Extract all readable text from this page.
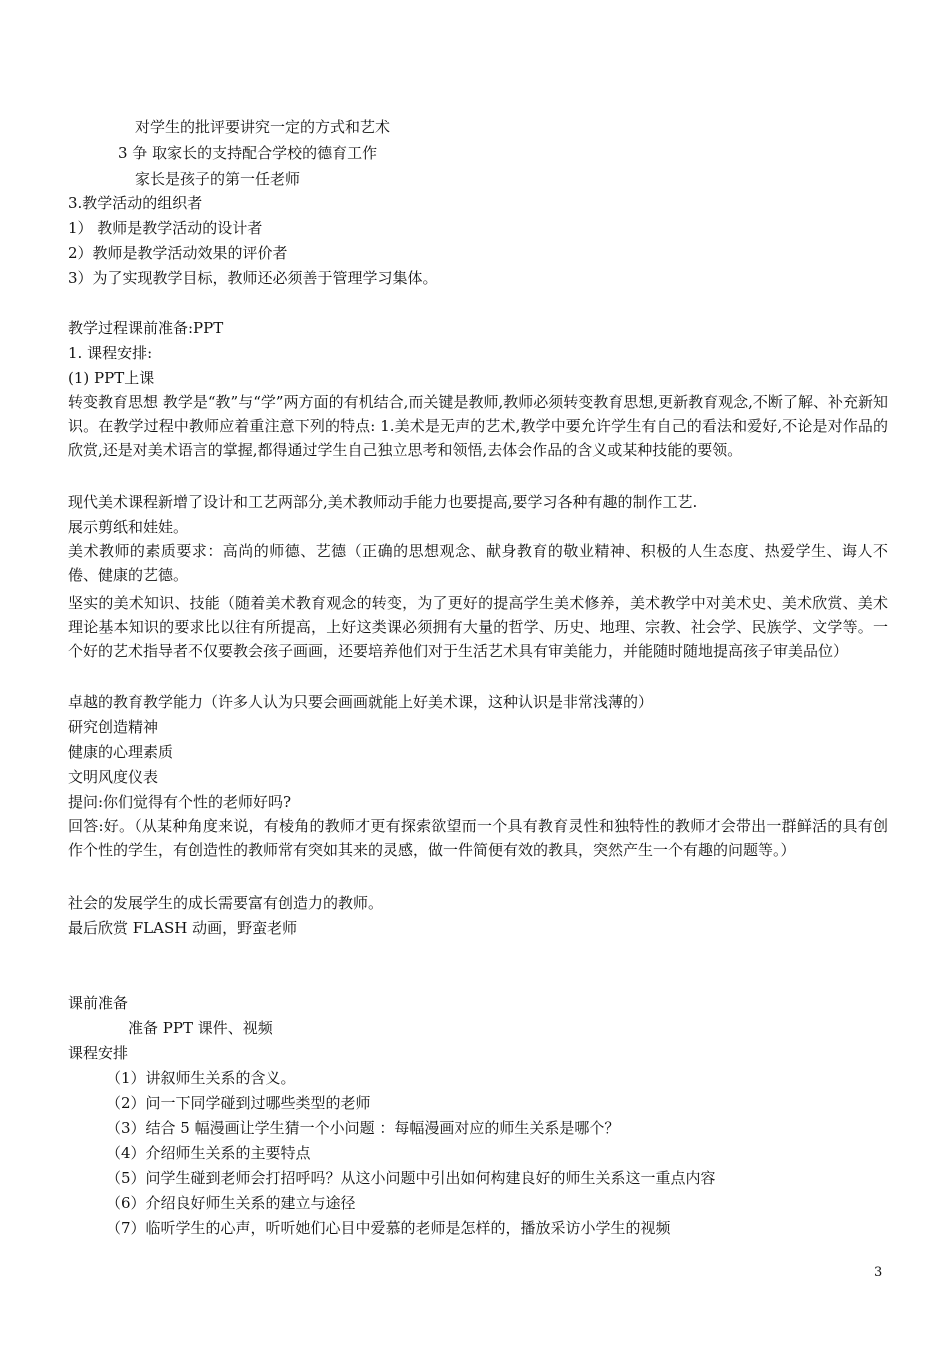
对学生的批评要讲究一定的方式和艺术
3 争 取家长的支持配合学校的德育工作
家长是孩子的第一任老师
3.教学活动的组织者
1） 教师是教学活动的设计者
2）教师是教学活动效果的评价者
3）为了实现教学目标，教师还必须善于管理学习集体。
教学过程课前准备:PPT
1. 课程安排:
(1) PPT上课
转变教育思想 教学是“教”与“学”两方面的有机结合,而关键是教师,教师必须转变教育思想,更新教育观念,不断了解、补充新知识。在教学过程中教师应着重注意下列的特点: 1.美术是无声的艺术,教学中要允许学生有自己的看法和爱好,不论是对作品的欣赏,还是对美术语言的掌握,都得通过学生自己独立思考和领悟,去体会作品的含义或某种技能的要领。
现代美术课程新增了设计和工艺两部分,美术教师动手能力也要提高,要学习各种有趣的制作工艺.
展示剪纸和娃娃。
美术教师的素质要求：高尚的师德、艺德（正确的思想观念、献身教育的敬业精神、积极的人生态度、热爱学生、诲人不倦、健康的艺德。
坚实的美术知识、技能（随着美术教育观念的转变，为了更好的提高学生美术修养，美术教学中对美术史、美术欣赏、美术理论基本知识的要求比以往有所提高，上好这类课必须拥有大量的哲学、历史、地理、宗教、社会学、民族学、文学等。一个好的艺术指导者不仅要教会孩子画画，还要培养他们对于生活艺术具有审美能力，并能随时随地提高孩子审美品位）
卓越的教育教学能力（许多人认为只要会画画就能上好美术课，这种认识是非常浅薄的）
研究创造精神
健康的心理素质
文明风度仪表
提问:你们觉得有个性的老师好吗?
回答:好。（从某种角度来说，有棱角的教师才更有探索欲望而一个具有教育灵性和独特性的教师才会带出一群鲜活的具有创作个性的学生，有创造性的教师常有突如其来的灵感，做一件简便有效的教具，突然产生一个有趣的问题等。）
社会的发展学生的成长需要富有创造力的教师。
最后欣赏 FLASH 动画，野蛮老师
课前准备
准备 PPT 课件、视频
课程安排
（1）讲叙师生关系的含义。
（2）问一下同学碰到过哪些类型的老师
（3）结合 5 幅漫画让学生猜一个小问题 ：每幅漫画对应的师生关系是哪个？
（4）介绍师生关系的主要特点
（5）问学生碰到老师会打招呼吗？从这小问题中引出如何构建良好的师生关系这一重点内容
（6）介绍良好师生关系的建立与途径
（7）临听学生的心声，听听她们心目中爱慕的老师是怎样的，播放采访小学生的视频
3
